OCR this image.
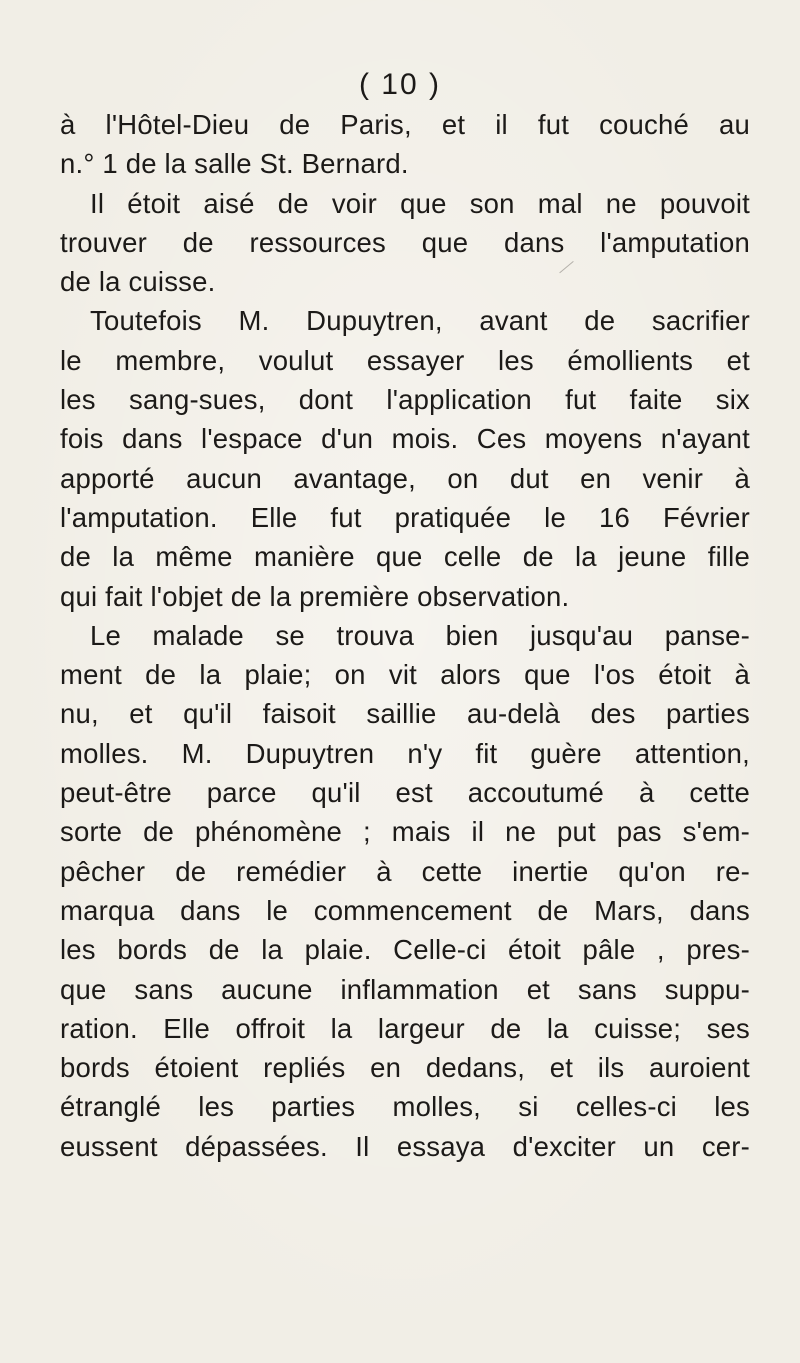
( 10 )
à l'Hôtel-Dieu de Paris, et il fut couché au
n.° 1 de la salle St. Bernard.
Il étoit aisé de voir que son mal ne pouvoit
trouver de ressources que dans l'amputation
de la cuisse.
Toutefois M. Dupuytren, avant de sacrifier
le membre, voulut essayer les émollients et
les sang-sues, dont l'application fut faite six
fois dans l'espace d'un mois. Ces moyens n'ayant
apporté aucun avantage, on dut en venir à
l'amputation. Elle fut pratiquée le 16 Février
de la même manière que celle de la jeune fille
qui fait l'objet de la première observation.
Le malade se trouva bien jusqu'au panse-
ment de la plaie; on vit alors que l'os étoit à
nu, et qu'il faisoit saillie au-delà des parties
molles. M. Dupuytren n'y fit guère attention,
peut-être parce qu'il est accoutumé à cette
sorte de phénomène ; mais il ne put pas s'em-
pêcher de remédier à cette inertie qu'on re-
marqua dans le commencement de Mars, dans
les bords de la plaie. Celle-ci étoit pâle , pres-
que sans aucune inflammation et sans suppu-
ration. Elle offroit la largeur de la cuisse; ses
bords étoient repliés en dedans, et ils auroient
étranglé les parties molles, si celles-ci les
eussent dépassées. Il essaya d'exciter un cer-
